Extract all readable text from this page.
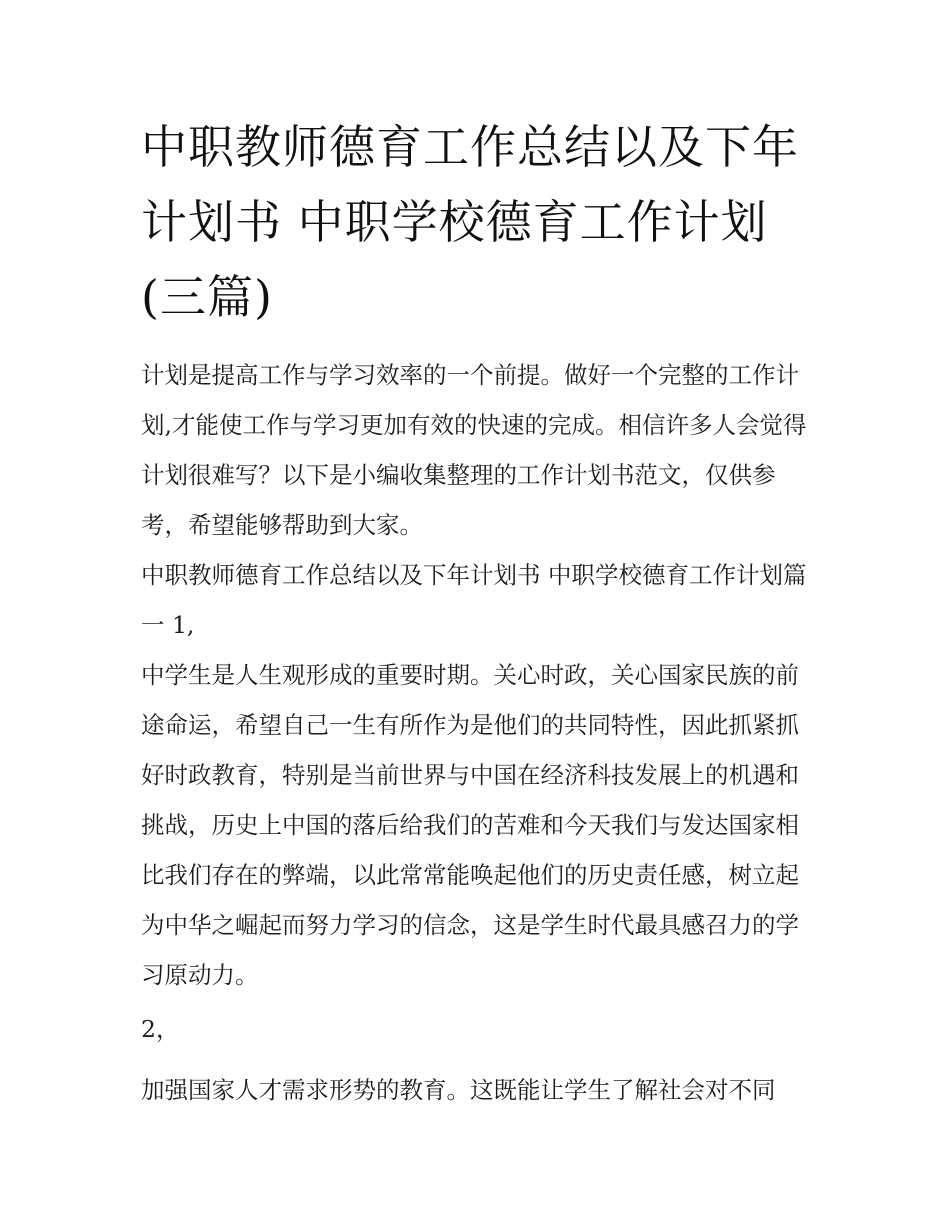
中职教师德育工作总结以及下年计划书 中职学校德育工作计划(三篇)

计划是提高工作与学习效率的一个前提。做好一个完整的工作计划,才能使工作与学习更加有效的快速的完成。相信许多人会觉得计划很难写？以下是小编收集整理的工作计划书范文，仅供参考，希望能够帮助到大家。

中职教师德育工作总结以及下年计划书 中职学校德育工作计划篇一 1,

中学生是人生观形成的重要时期。关心时政，关心国家民族的前途命运，希望自己一生有所作为是他们的共同特性，因此抓紧抓好时政教育，特别是当前世界与中国在经济科技发展上的机遇和挑战，历史上中国的落后给我们的苦难和今天我们与发达国家相比我们存在的弊端，以此常常能唤起他们的历史责任感，树立起为中华之崛起而努力学习的信念，这是学生时代最具感召力的学习原动力。

2，

加强国家人才需求形势的教育。这既能让学生了解社会对不同
